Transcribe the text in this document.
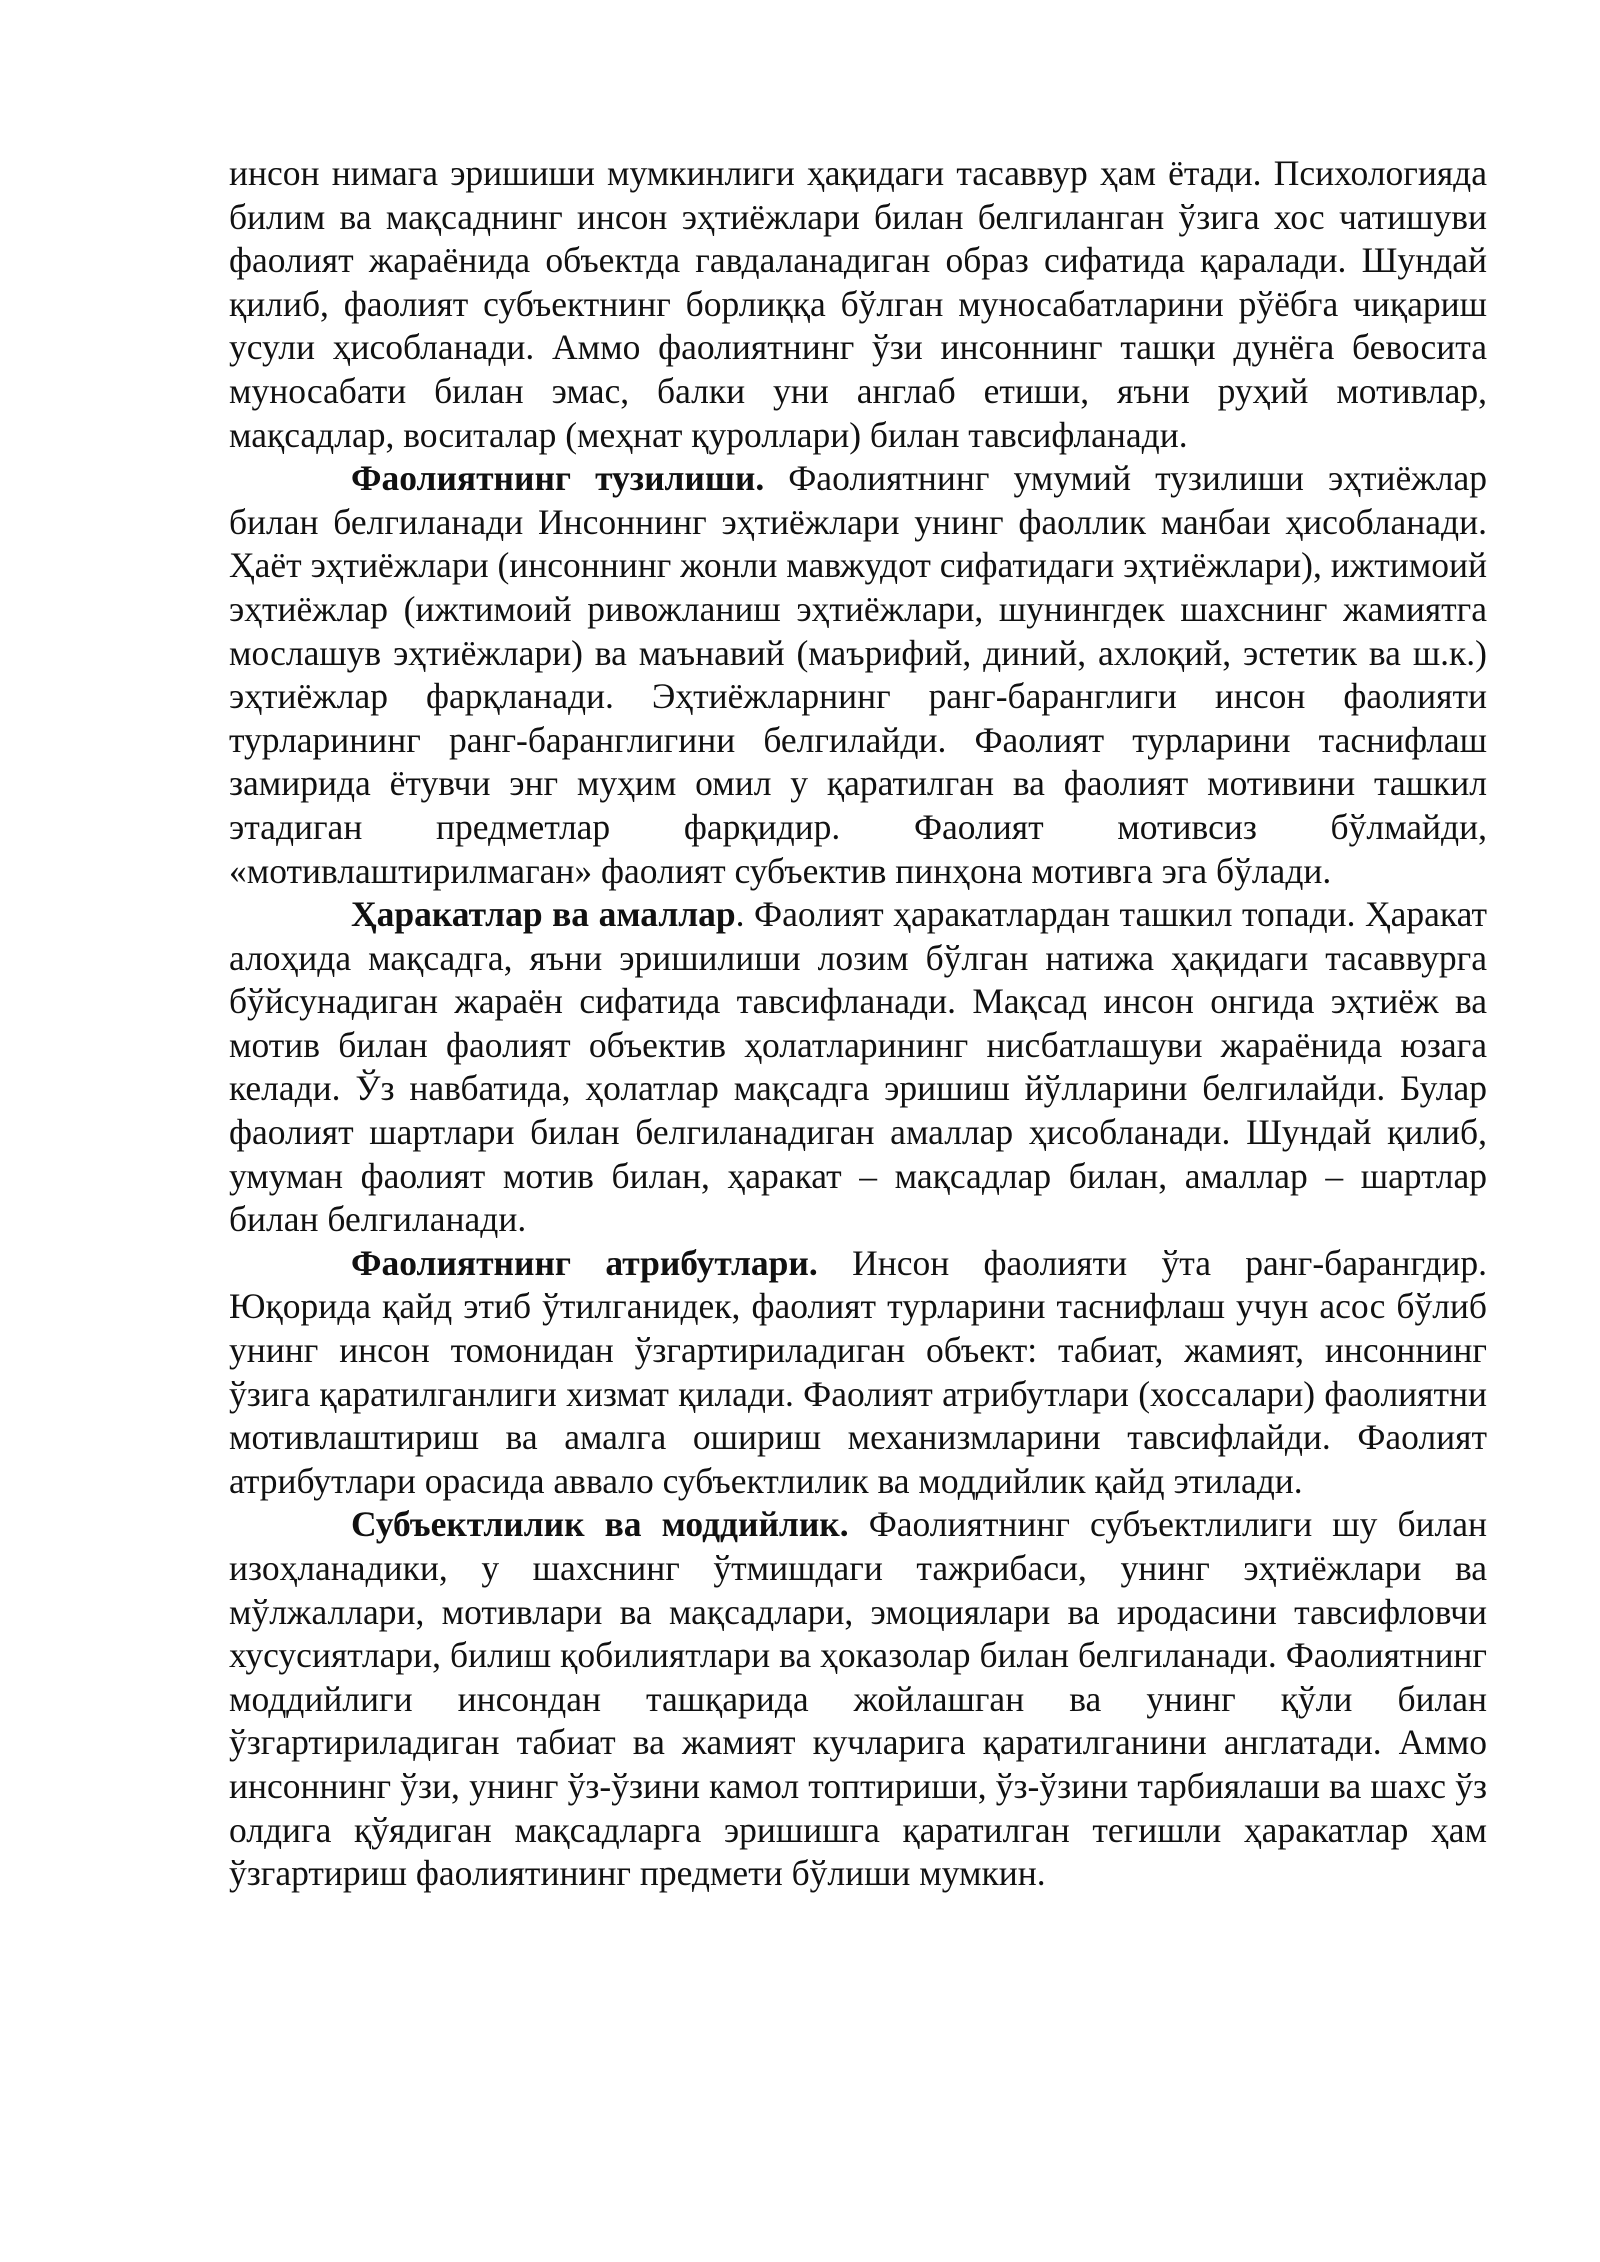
инсон нимага эришиши мумкинлиги ҳақидаги тасаввур ҳам ётади. Психологияда билим ва мақсаднинг инсон эҳтиёжлари билан белгиланган ўзига хос чатишуви фаолият жараёнида объектда гавдаланадиган образ сифатида қаралади. Шундай қилиб, фаолият субъектнинг борлиққа бўлган муносабатларини рўёбга чиқариш усули ҳисобланади. Аммо фаолиятнинг ўзи инсоннинг ташқи дунёга бевосита муносабати билан эмас, балки уни англаб етиши, яъни руҳий мотивлар, мақсадлар, воситалар (меҳнат қуроллари) билан тавсифланади.

Фаолиятнинг тузилиши. Фаолиятнинг умумий тузилиши эҳтиёжлар билан белгиланади Инсоннинг эҳтиёжлари унинг фаоллик манбаи ҳисобланади. Ҳаёт эҳтиёжлари (инсоннинг жонли мавжудот сифатидаги эҳтиёжлари), ижтимоий эҳтиёжлар (ижтимоий ривожланиш эҳтиёжлари, шунингдек шахснинг жамиятга мослашув эҳтиёжлари) ва маънавий (маърифий, диний, ахлоқий, эстетик ва ш.к.) эҳтиёжлар фарқланади. Эҳтиёжларнинг ранг-баранглиги инсон фаолияти турларининг ранг-баранглигини белгилайди. Фаолият турларини таснифлаш замирида ётувчи энг муҳим омил у қаратилган ва фаолият мотивини ташкил этадиган предметлар фарқидир. Фаолият мотивсиз бўлмайди, «мотивлаштирилмаган» фаолият субъектив пинҳона мотивга эга бўлади.

Ҳаракатлар ва амаллар. Фаолият ҳаракатлардан ташкил топади. Ҳаракат алоҳида мақсадга, яъни эришилиши лозим бўлган натижа ҳақидаги тасаввурга бўйсунадиган жараён сифатида тавсифланади. Мақсад инсон онгида эҳтиёж ва мотив билан фаолият объектив ҳолатларининг нисбатлашуви жараёнида юзага келади. Ўз навбатида, ҳолатлар мақсадга эришиш йўлларини белгилайди. Булар фаолият шартлари билан белгиланадиган амаллар ҳисобланади. Шундай қилиб, умуман фаолият мотив билан, ҳаракат – мақсадлар билан, амаллар – шартлар билан белгиланади.

Фаолиятнинг атрибутлари. Инсон фаолияти ўта ранг-барангдир. Юқорида қайд этиб ўтилганидек, фаолият турларини таснифлаш учун асос бўлиб унинг инсон томонидан ўзгартириладиган объект: табиат, жамият, инсоннинг ўзига қаратилганлиги хизмат қилади. Фаолият атрибутлари (хоссалари) фаолиятни мотивлаштириш ва амалга ошириш механизмларини тавсифлайди. Фаолият атрибутлари орасида аввало субъектлилик ва моддийлик қайд этилади.

Субъектлилик ва моддийлик. Фаолиятнинг субъектлилиги шу билан изоҳланадики, у шахснинг ўтмишдаги тажрибаси, унинг эҳтиёжлари ва мўлжаллари, мотивлари ва мақсадлари, эмоциялари ва иродасини тавсифловчи хусусиятлари, билиш қобилиятлари ва ҳоказолар билан белгиланади. Фаолиятнинг моддийлиги инсондан ташқарида жойлашган ва унинг қўли билан ўзгартириладиган табиат ва жамият кучларига қаратилганини англатади. Аммо инсоннинг ўзи, унинг ўз-ўзини камол топтириши, ўз-ўзини тарбиялаши ва шахс ўз олдига қўядиган мақсадларга эришишга қаратилган тегишли ҳаракатлар ҳам ўзгартириш фаолиятининг предмети бўлиши мумкин.
